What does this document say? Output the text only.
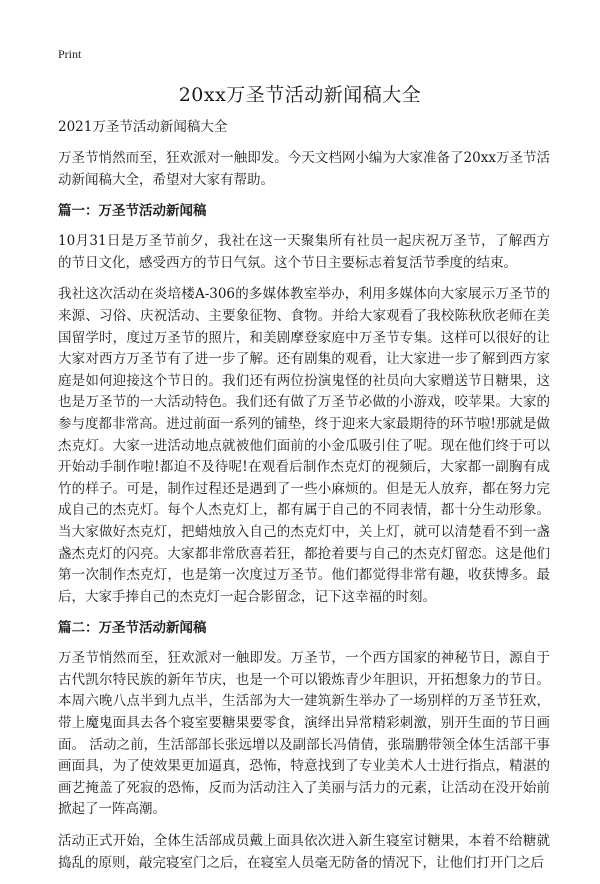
Print
20xx万圣节活动新闻稿大全
2021万圣节活动新闻稿大全

万圣节悄然而至，狂欢派对一触即发。今天文档网小编为大家准备了20xx万圣节活动新闻稿大全，希望对大家有帮助。

篇一：万圣节活动新闻稿

10月31日是万圣节前夕，我社在这一天聚集所有社员一起庆祝万圣节，了解西方的节日文化，感受西方的节日气氛。这个节日主要标志着复活节季度的结束。

我社这次活动在炎培楼A-306的多媒体教室举办，利用多媒体向大家展示万圣节的来源、习俗、庆祝活动、主要象征物、食物。并给大家观看了我校陈秋欣老师在美国留学时，度过万圣节的照片，和美剧摩登家庭中万圣节专集。这样可以很好的让大家对西方万圣节有了进一步了解。还有剧集的观看，让大家进一步了解到西方家庭是如何迎接这个节日的。我们还有两位扮演鬼怪的社员向大家赠送节日糖果，这也是万圣节的一大活动特色。我们还有做了万圣节必做的小游戏，咬苹果。大家的参与度都非常高。进过前面一系列的铺垫，终于迎来大家最期待的环节啦!那就是做杰克灯。大家一进活动地点就被他们面前的小金瓜吸引住了呢。现在他们终于可以开始动手制作啦!都迫不及待呢!在观看后制作杰克灯的视频后，大家都一副胸有成竹的样子。可是，制作过程还是遇到了一些小麻烦的。但是无人放弃，都在努力完成自己的杰克灯。每个人杰克灯上，都有属于自己的不同表情，都十分生动形象。当大家做好杰克灯，把蜡烛放入自己的杰克灯中，关上灯，就可以清楚看不到一盏盏杰克灯的闪亮。大家都非常欣喜若狂，都抢着要与自己的杰克灯留恋。这是他们第一次制作杰克灯，也是第一次度过万圣节。他们都觉得非常有趣，收获博多。最后，大家手捧自己的杰克灯一起合影留念，记下这幸福的时刻。

篇二：万圣节活动新闻稿

万圣节悄然而至，狂欢派对一触即发。万圣节，一个西方国家的神秘节日，源自于古代凯尔特民族的新年节庆，也是一个可以锻炼青少年胆识，开拓想象力的节日。本周六晚八点半到九点半，生活部为大一建筑新生举办了一场别样的万圣节狂欢，带上魔鬼面具去各个寝室要糖果要零食，演绎出异常精彩刺激，别开生面的节日画面。 活动之前，生活部部长张远增以及副部长冯倩倩，张瑞鹏带领全体生活部干事画面具，为了使效果更加逼真，恐怖，特意找到了专业美术人士进行指点，精湛的画艺掩盖了死寂的恐怖，反而为活动注入了美丽与活力的元素，让活动在没开始前掀起了一阵高潮。

活动正式开始，全体生活部成员戴上面具依次进入新生寝室讨糖果，本着不给糖就捣乱的原则，敲完寝室门之后，在寝室人员毫无防备的情况下，让他们打开门之后
